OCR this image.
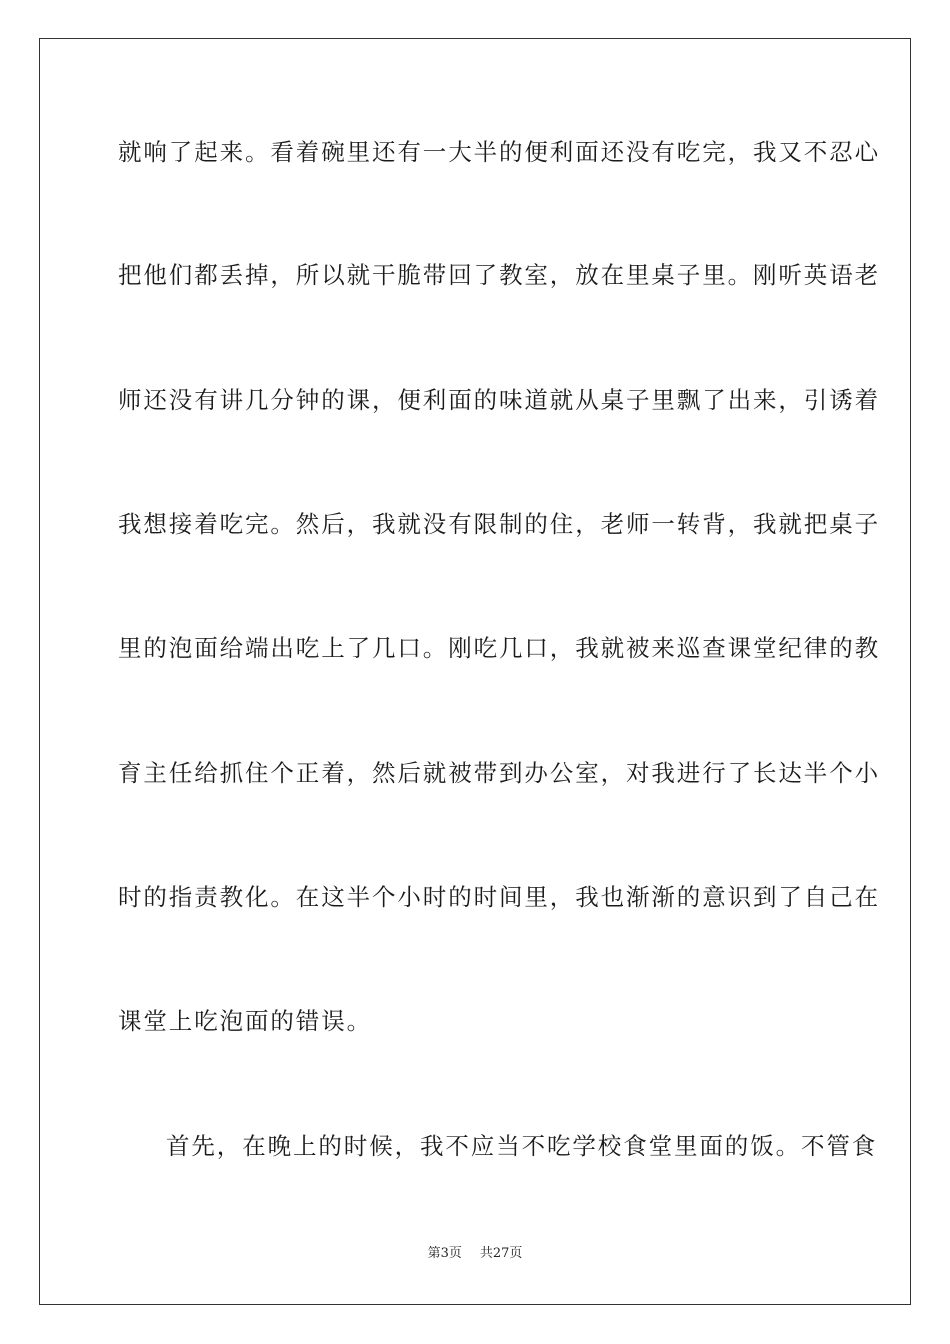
就响了起来。看着碗里还有一大半的便利面还没有吃完，我又不忍心
把他们都丢掉，所以就干脆带回了教室，放在里桌子里。刚听英语老
师还没有讲几分钟的课，便利面的味道就从桌子里飘了出来，引诱着
我想接着吃完。然后，我就没有限制的住，老师一转背，我就把桌子
里的泡面给端出吃上了几口。刚吃几口，我就被来巡查课堂纪律的教
育主任给抓住个正着，然后就被带到办公室，对我进行了长达半个小
时的指责教化。在这半个小时的时间里，我也渐渐的意识到了自己在
课堂上吃泡面的错误。
首先，在晚上的时候，我不应当不吃学校食堂里面的饭。不管食
第3页 共27页
